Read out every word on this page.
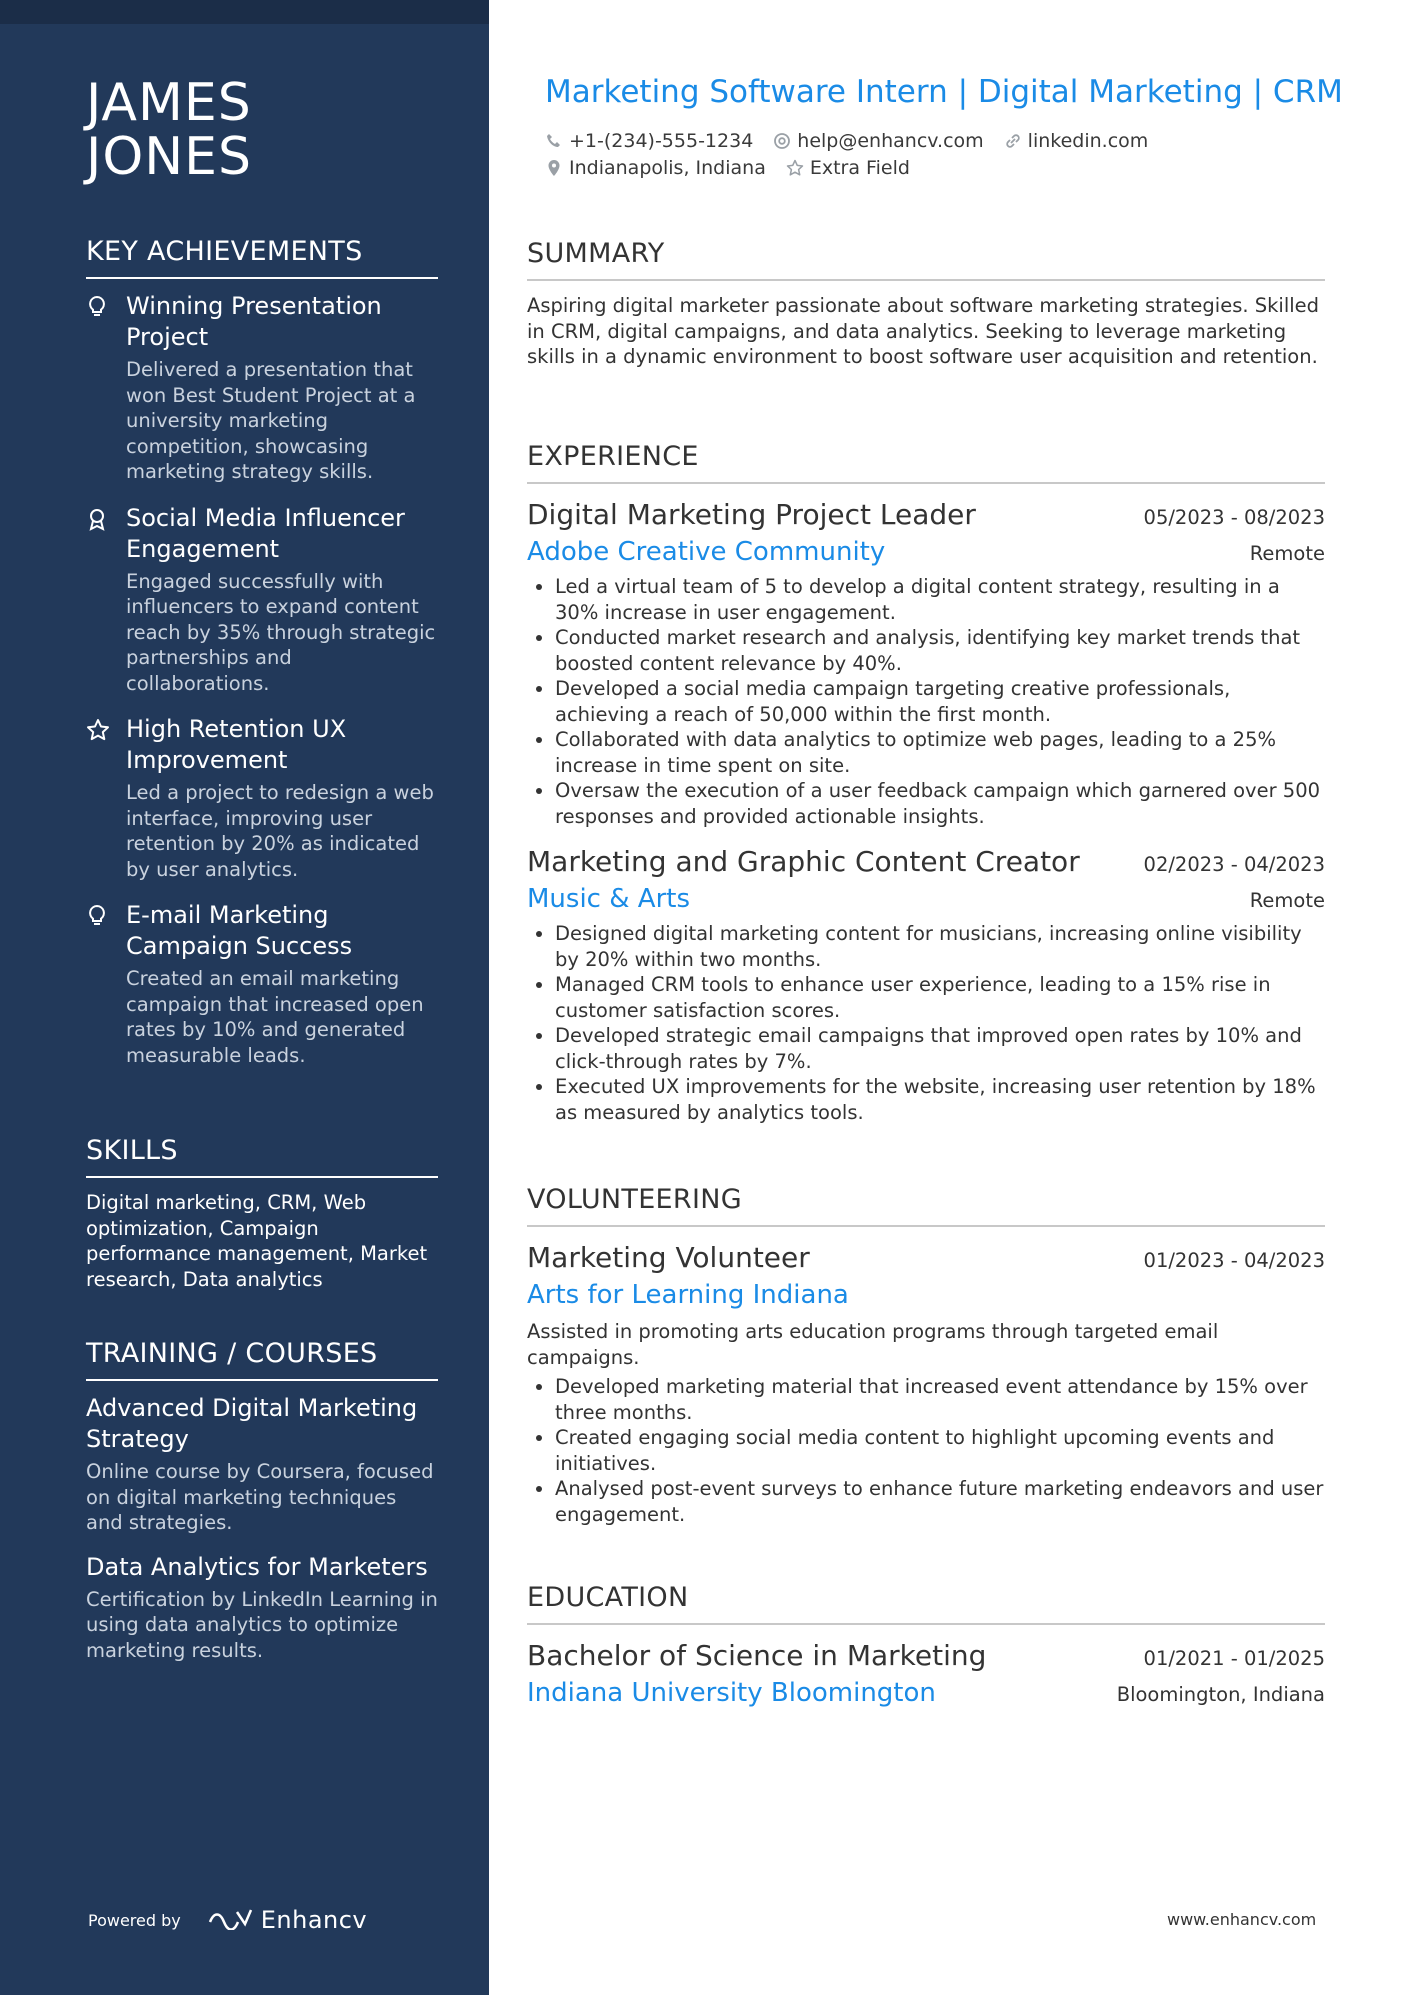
JAMES
JONES
KEY ACHIEVEMENTS
Winning Presentation Project
Delivered a presentation that won Best Student Project at a university marketing competition, showcasing marketing strategy skills.
Social Media Influencer Engagement
Engaged successfully with influencers to expand content reach by 35% through strategic partnerships and collaborations.
High Retention UX Improvement
Led a project to redesign a web interface, improving user retention by 20% as indicated by user analytics.
E-mail Marketing Campaign Success
Created an email marketing campaign that increased open rates by 10% and generated measurable leads.
SKILLS
Digital marketing, CRM, Web optimization, Campaign performance management, Market research, Data analytics
TRAINING / COURSES
Advanced Digital Marketing Strategy
Online course by Coursera, focused on digital marketing techniques and strategies.
Data Analytics for Marketers
Certification by LinkedIn Learning in using data analytics to optimize marketing results.
Powered by	Enhancv
Marketing Software Intern | Digital Marketing | CRM
+1-(234)-555-1234 help@enhancv.com linkedin.com
Indianapolis, Indiana Extra Field
SUMMARY
Aspiring digital marketer passionate about software marketing strategies. Skilled in CRM, digital campaigns, and data analytics. Seeking to leverage marketing skills in a dynamic environment to boost software user acquisition and retention.
EXPERIENCE
Digital Marketing Project Leader	05/2023 - 08/2023
Adobe Creative Community	Remote
• Led a virtual team of 5 to develop a digital content strategy, resulting in a 30% increase in user engagement.
• Conducted market research and analysis, identifying key market trends that boosted content relevance by 40%.
• Developed a social media campaign targeting creative professionals, achieving a reach of 50,000 within the first month.
• Collaborated with data analytics to optimize web pages, leading to a 25% increase in time spent on site.
• Oversaw the execution of a user feedback campaign which garnered over 500 responses and provided actionable insights.
Marketing and Graphic Content Creator	02/2023 - 04/2023
Music & Arts	Remote
• Designed digital marketing content for musicians, increasing online visibility by 20% within two months.
• Managed CRM tools to enhance user experience, leading to a 15% rise in customer satisfaction scores.
• Developed strategic email campaigns that improved open rates by 10% and click-through rates by 7%.
• Executed UX improvements for the website, increasing user retention by 18% as measured by analytics tools.
VOLUNTEERING
Marketing Volunteer	01/2023 - 04/2023
Arts for Learning Indiana
Assisted in promoting arts education programs through targeted email campaigns.
• Developed marketing material that increased event attendance by 15% over three months.
• Created engaging social media content to highlight upcoming events and initiatives.
• Analysed post-event surveys to enhance future marketing endeavors and user engagement.
EDUCATION
Bachelor of Science in Marketing	01/2021 - 01/2025
Indiana University Bloomington	Bloomington, Indiana
www.enhancv.com
